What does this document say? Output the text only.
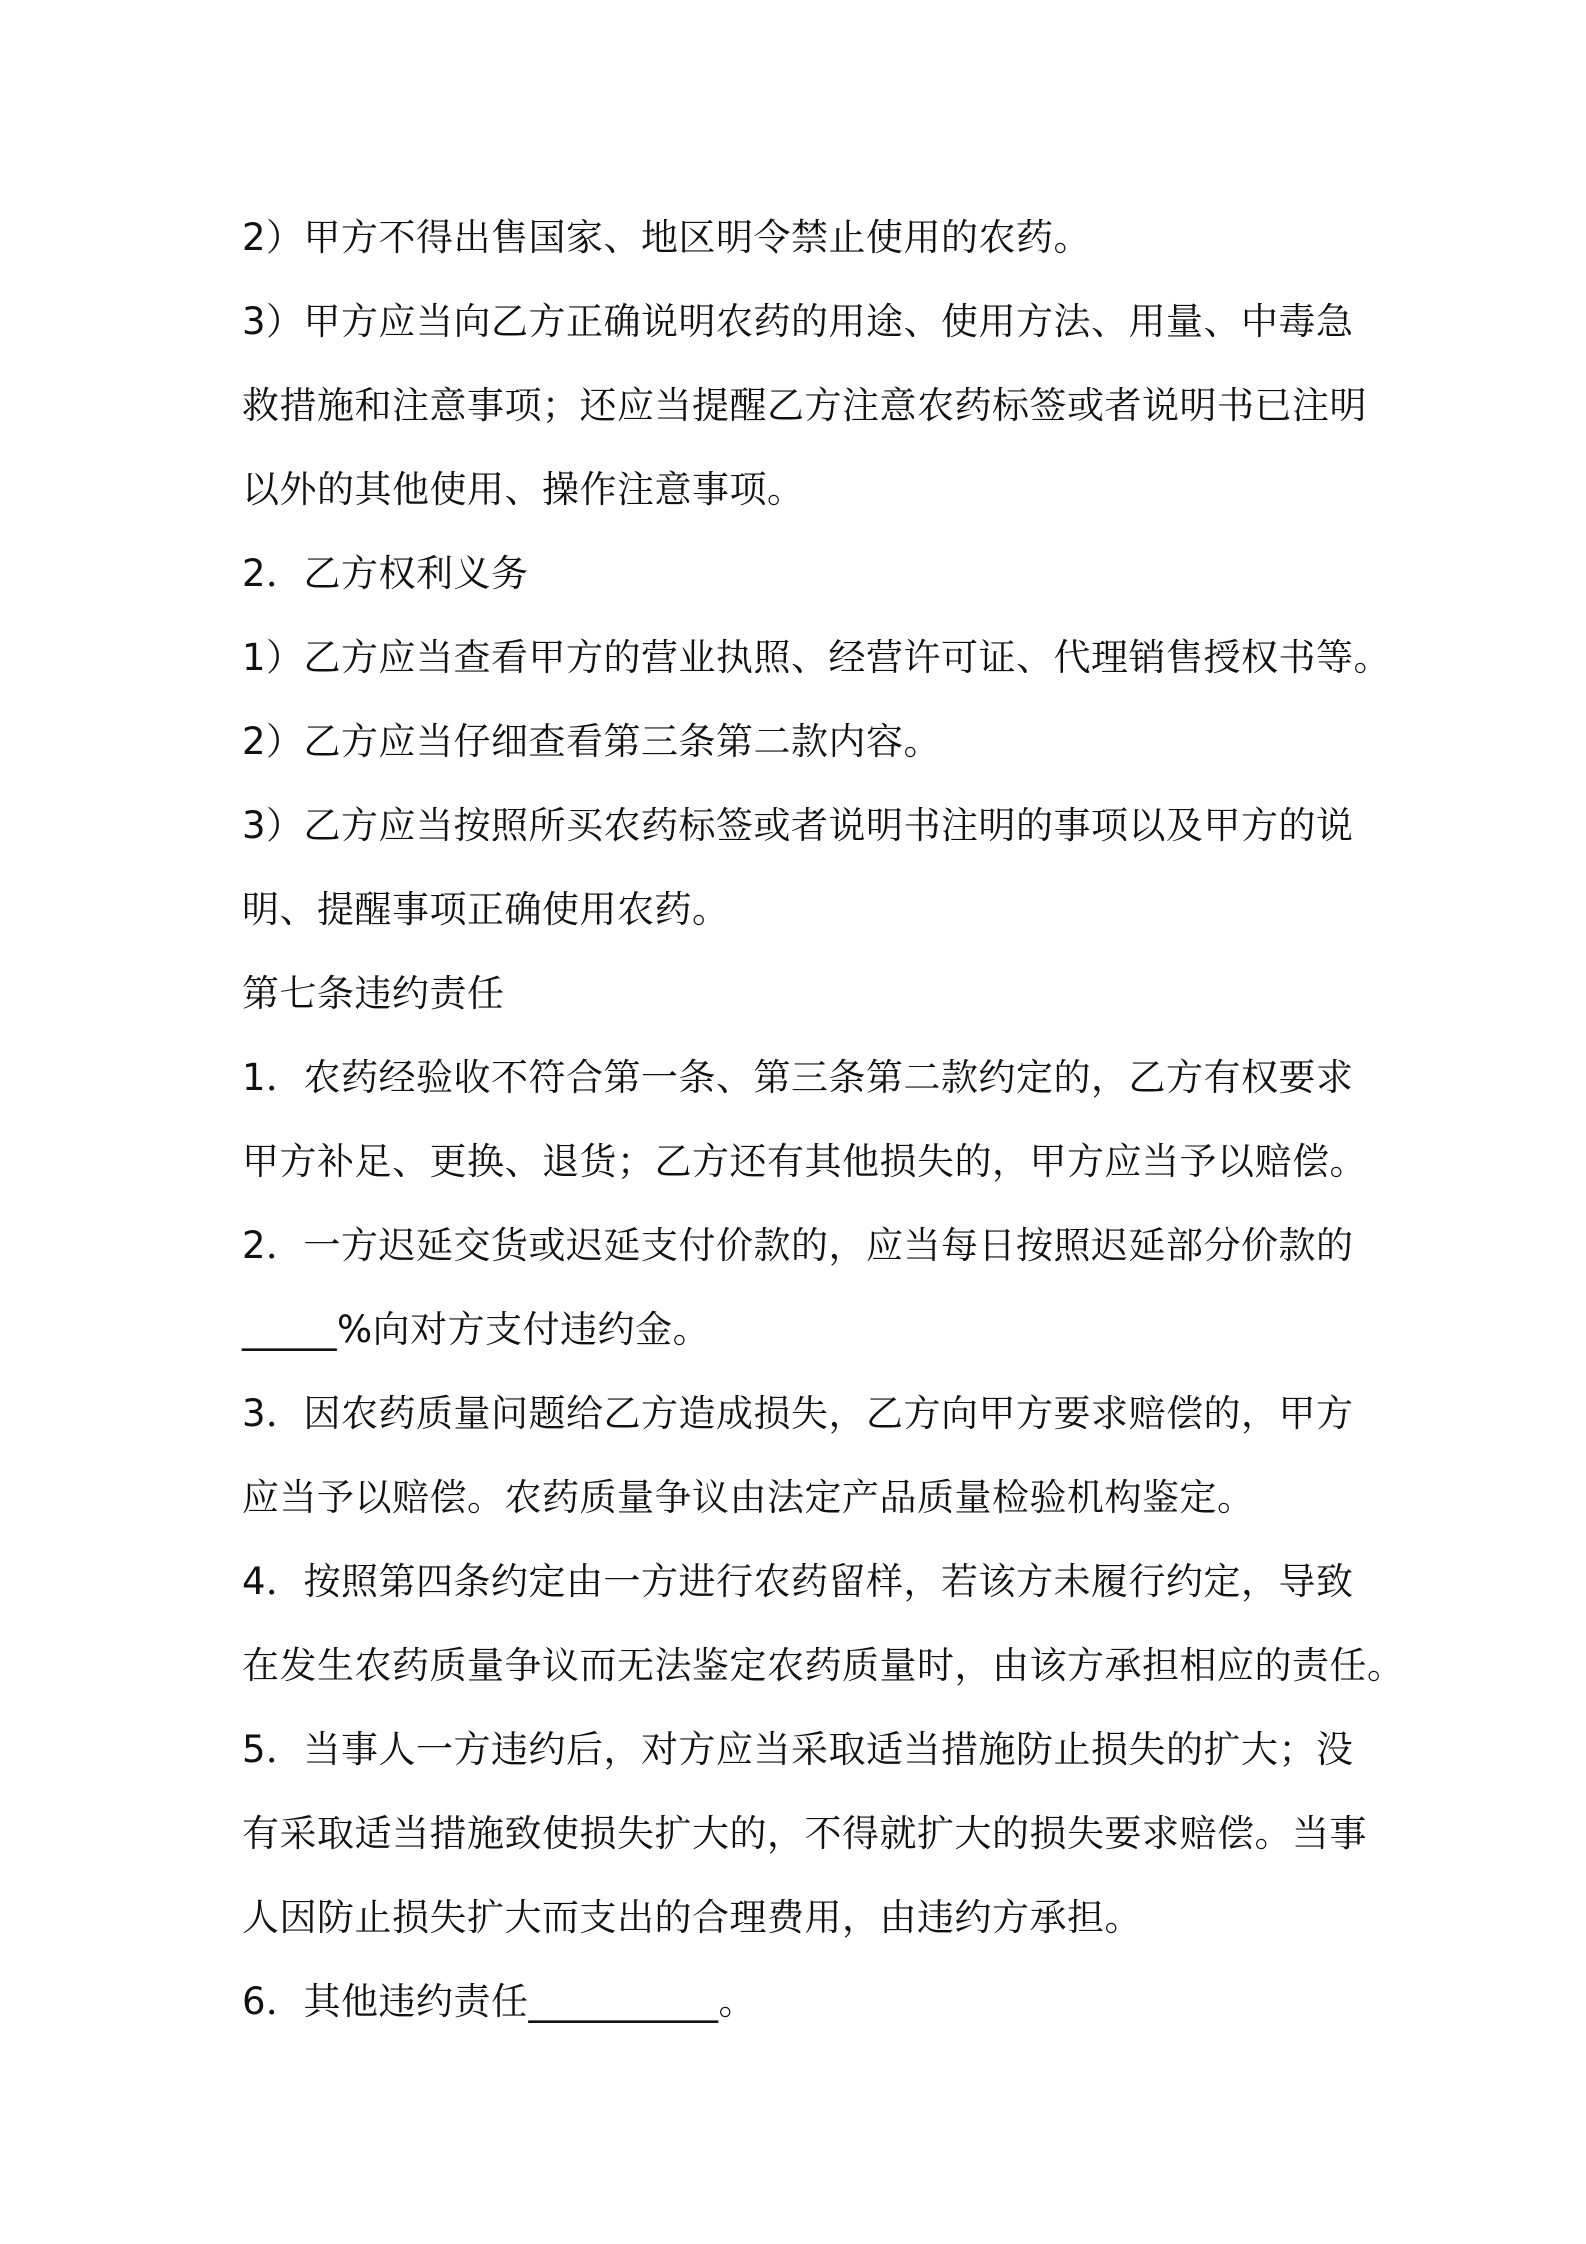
2）甲方不得出售国家、地区明令禁止使用的农药。
3）甲方应当向乙方正确说明农药的用途、使用方法、用量、中毒急
救措施和注意事项；还应当提醒乙方注意农药标签或者说明书已注明
以外的其他使用、操作注意事项。
2．乙方权利义务
1）乙方应当查看甲方的营业执照、经营许可证、代理销售授权书等。
2）乙方应当仔细查看第三条第二款内容。
3）乙方应当按照所买农药标签或者说明书注明的事项以及甲方的说
明、提醒事项正确使用农药。
第七条违约责任
1．农药经验收不符合第一条、第三条第二款约定的，乙方有权要求
甲方补足、更换、退货；乙方还有其他损失的，甲方应当予以赔偿。
2．一方迟延交货或迟延支付价款的，应当每日按照迟延部分价款的
_____%向对方支付违约金。
3．因农药质量问题给乙方造成损失，乙方向甲方要求赔偿的，甲方
应当予以赔偿。农药质量争议由法定产品质量检验机构鉴定。
4．按照第四条约定由一方进行农药留样，若该方未履行约定，导致
在发生农药质量争议而无法鉴定农药质量时，由该方承担相应的责任。
5．当事人一方违约后，对方应当采取适当措施防止损失的扩大；没
有采取适当措施致使损失扩大的，不得就扩大的损失要求赔偿。当事
人因防止损失扩大而支出的合理费用，由违约方承担。
6．其他违约责任__________。
